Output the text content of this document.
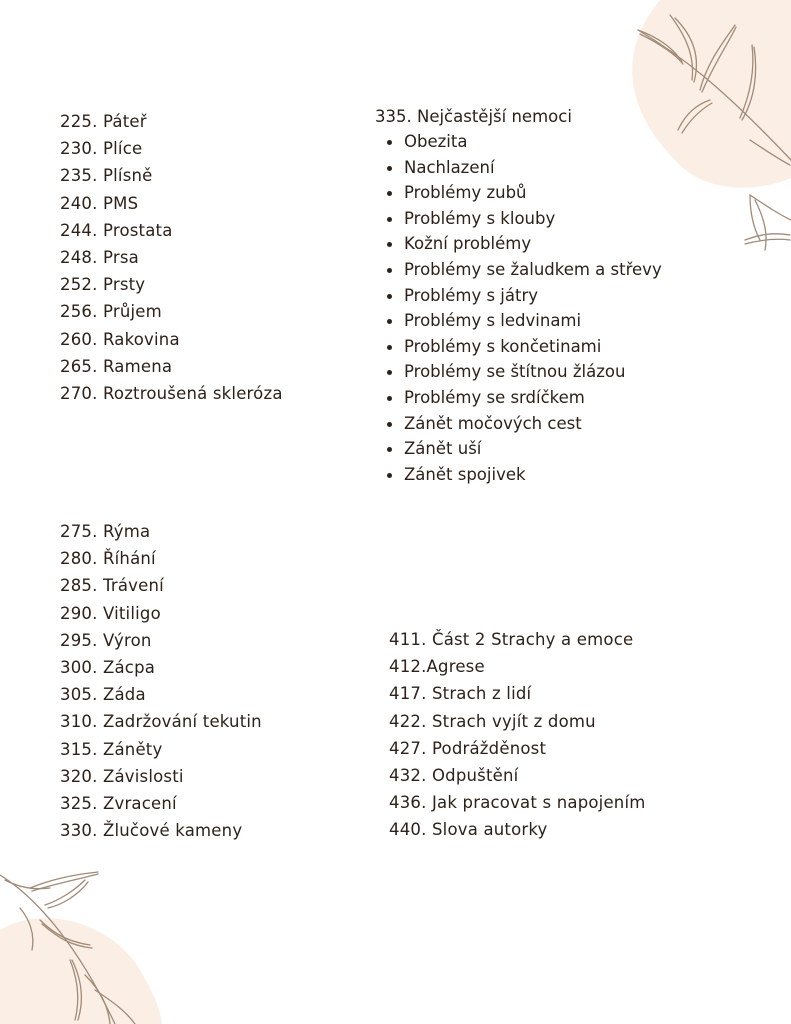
225. Páteř
230. Plíce
235. Plísně
240. PMS
244. Prostata
248. Prsa
252. Prsty
256. Průjem
260. Rakovina
265. Ramena
270. Roztroušená skleróza
335. Nejčastější nemoci
Obezita
Nachlazení
Problémy zubů
Problémy s klouby
Kožní problémy
Problémy se žaludkem a střevy
Problémy s játry
Problémy s ledvinami
Problémy s končetinami
Problémy se štítnou žlázou
Problémy se srdíčkem
Zánět močových cest
Zánět uší
Zánět spojivek
275. Rýma
280. Říhání
285. Trávení
290. Vitiligo
295. Výron
300. Zácpa
305. Záda
310. Zadržování tekutin
315. Záněty
320. Závislosti
325. Zvracení
330. Žlučové kameny
411. Část 2 Strachy a emoce
412.Agrese
417. Strach z lidí
422. Strach vyjít z domu
427. Podrážděnost
432. Odpuštění
436. Jak pracovat s napojením
440. Slova autorky
